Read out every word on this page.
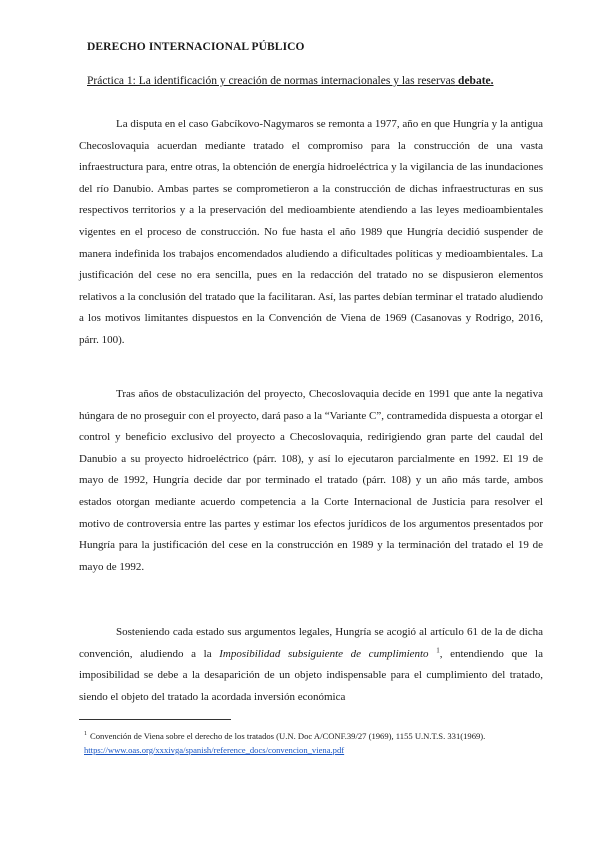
DERECHO INTERNACIONAL PÚBLICO
Práctica 1: La identificación y creación de normas internacionales y las reservas debate.

La disputa en el caso Gabcíkovo-Nagymaros se remonta a 1977, año en que Hungría y la antigua Checoslovaquia acuerdan mediante tratado el compromiso para la construcción de una vasta infraestructura para, entre otras, la obtención de energía hidroeléctrica y la vigilancia de las inundaciones del río Danubio. Ambas partes se comprometieron a la construcción de dichas infraestructuras en sus respectivos territorios y a la preservación del medioambiente atendiendo a las leyes medioambientales vigentes en el proceso de construcción. No fue hasta el año 1989 que Hungría decidió suspender de manera indefinida los trabajos encomendados aludiendo a dificultades políticas y medioambientales. La justificación del cese no era sencilla, pues en la redacción del tratado no se dispusieron elementos relativos a la conclusión del tratado que la facilitaran. Así, las partes debían terminar el tratado aludiendo a los motivos limitantes dispuestos en la Convención de Viena de 1969 (Casanovas y Rodrigo, 2016, párr. 100).

Tras años de obstaculización del proyecto, Checoslovaquia decide en 1991 que ante la negativa húngara de no proseguir con el proyecto, dará paso a la “Variante C”, contramedida dispuesta a otorgar el control y beneficio exclusivo del proyecto a Checoslovaquia, redirigiendo gran parte del caudal del Danubio a su proyecto hidroeléctrico (párr. 108), y así lo ejecutaron parcialmente en 1992. El 19 de mayo de 1992, Hungría decide dar por terminado el tratado (párr. 108) y un año más tarde, ambos estados otorgan mediante acuerdo competencia a la Corte Internacional de Justicia para resolver el motivo de controversia entre las partes y estimar los efectos jurídicos de los argumentos presentados por Hungría para la justificación del cese en la construcción en 1989 y la terminación del tratado el 19 de mayo de 1992.

Sosteniendo cada estado sus argumentos legales, Hungría se acogió al artículo 61 de la de dicha convención, aludiendo a la Imposibilidad subsiguiente de cumplimiento $^1$, entendiendo que la imposibilidad se debe a la desaparición de un objeto indispensable para el cumplimiento del tratado, siendo el objeto del tratado la acordada inversión económica

$^1$ Convención de Viena sobre el derecho de los tratados (U.N. Doc A/CONF.39/27 (1969), 1155 U.N.T.S. 331(1969). https://www.oas.org/xxxivga/spanish/reference_docs/convencion_viena.pdf
